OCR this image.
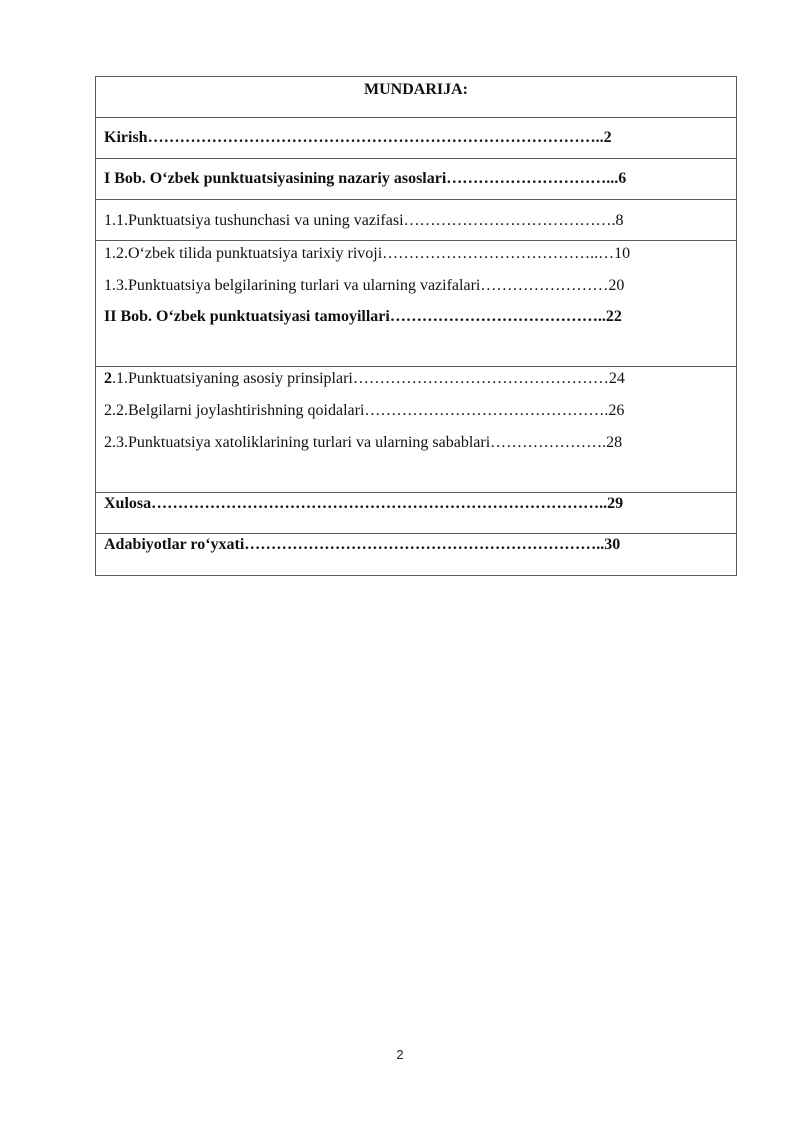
MUNDARIJA:
Kirish…………………………………………………………………………..2
I Bob. O‘zbek punktuatsiyasining nazariy asoslari…………………………...6
1.1.Punktuatsiya tushunchasi va uning vazifasi………………………………….8
1.2.O‘zbek tilida punktuatsiya tarixiy rivoji…………………………………..…10
1.3.Punktuatsiya belgilarining turlari va ularning vazifalari……………………20
II Bob. O‘zbek punktuatsiyasi tamoyillari…………………………………..22
2.1.Punktuatsiyaning asosiy prinsiplari…………………………………………24
2.2.Belgilarni joylashtirishning qoidalari……………………………………….26
2.3.Punktuatsiya xatoliklarining turlari va ularning sabablari………………….28
Xulosa…………………………………………………………………………..29
Adabiyotlar ro‘yxati…………………………………………………………..30
2
